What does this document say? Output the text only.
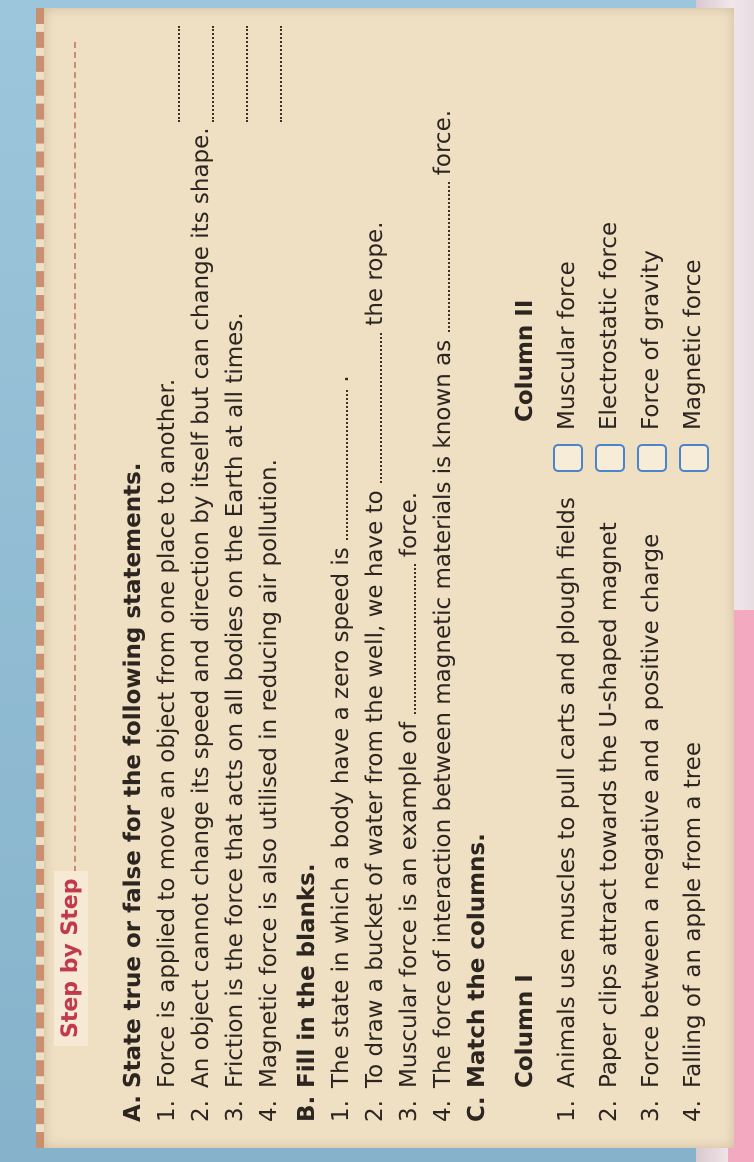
Step by Step
A.State true or false for the following statements.
1.Force is applied to move an object from one place to another.
2.An object cannot change its speed and direction by itself but can change its shape.
3.Friction is the force that acts on all bodies on the Earth at all times.
4.Magnetic force is also utilised in reducing air pollution.
B.Fill in the blanks.
1.The state in which a body have a zero speed is  .
2.To draw a bucket of water from the well, we have to  the rope.
3.Muscular force is an example of  force.
4.The force of interaction between magnetic materials is known as  force.
C.Match the columns. Column I
Column II
1.Animals use muscles to pull carts and plough fields
Muscular force
2.Paper clips attract towards the U-shaped magnet
Electrostatic force
3.Force between a negative and a positive charge
Force of gravity
4.Falling of an apple from a tree
Magnetic force
